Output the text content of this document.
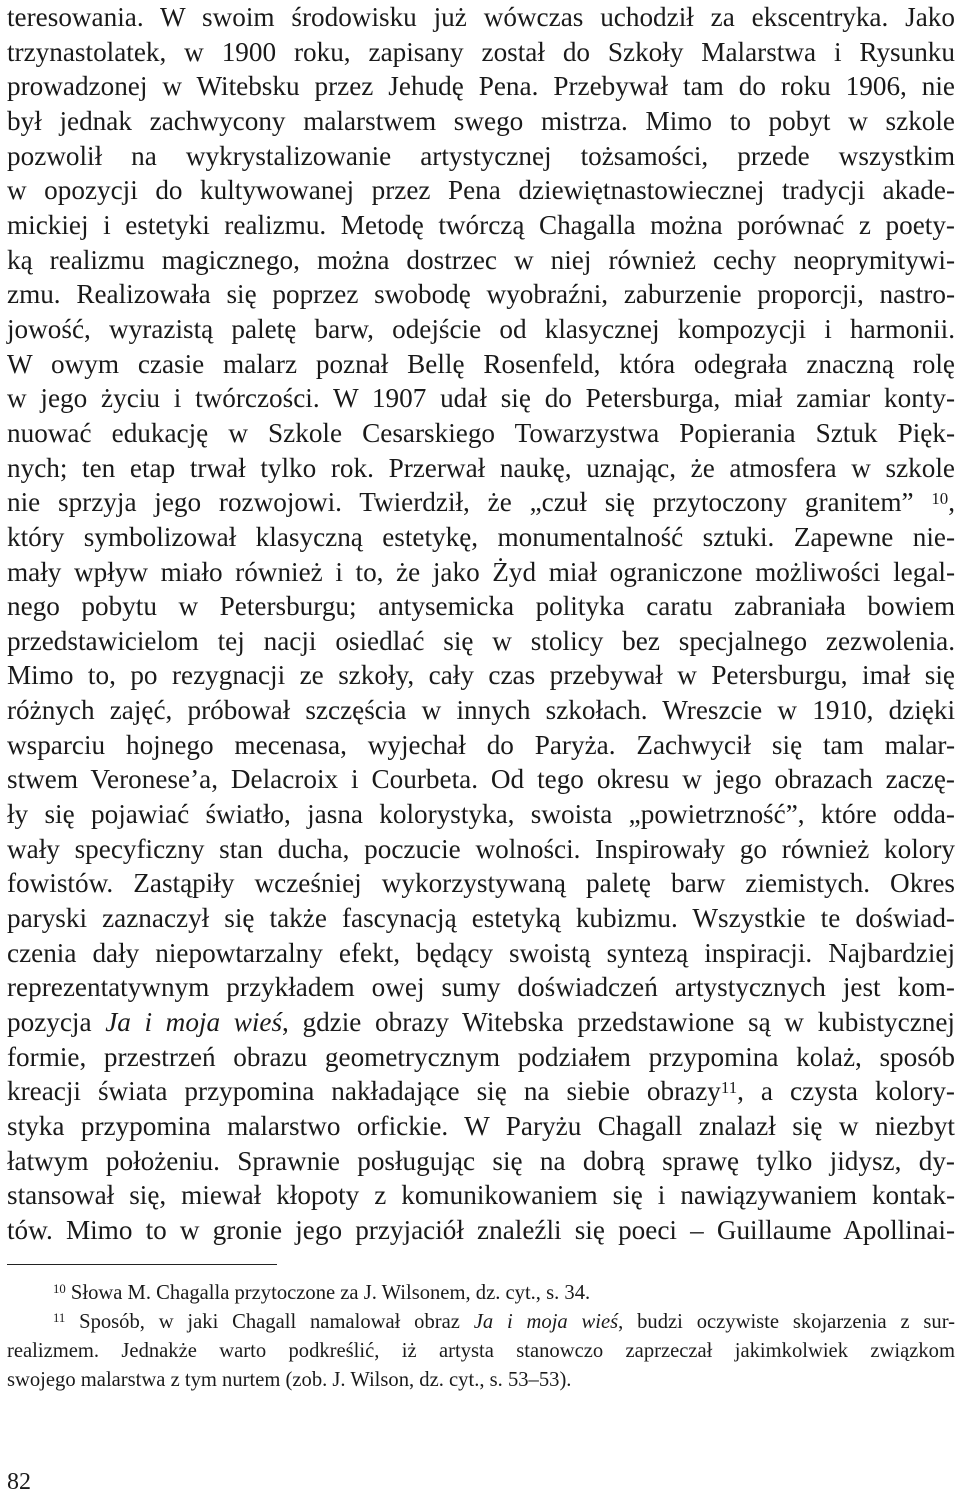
teresowania. W swoim środowisku już wówczas uchodził za ekscentryka. Jako
trzynastolatek, w 1900 roku, zapisany został do Szkoły Malarstwa i Rysunku
prowadzonej w Witebsku przez Jehudę Pena. Przebywał tam do roku 1906, nie
był jednak zachwycony malarstwem swego mistrza. Mimo to pobyt w szkole
pozwolił na wykrystalizowanie artystycznej tożsamości, przede wszystkim
w opozycji do kultywowanej przez Pena dziewiętnastowiecznej tradycji akade-
mickiej i estetyki realizmu. Metodę twórczą Chagalla można porównać z poety-
ką realizmu magicznego, można dostrzec w niej również cechy neoprymitywi-
zmu. Realizowała się poprzez swobodę wyobraźni, zaburzenie proporcji, nastro-
jowość, wyrazistą paletę barw, odejście od klasycznej kompozycji i harmonii.
W owym czasie malarz poznał Bellę Rosenfeld, która odegrała znaczną rolę
w jego życiu i twórczości. W 1907 udał się do Petersburga, miał zamiar konty-
nuować edukację w Szkole Cesarskiego Towarzystwa Popierania Sztuk Pięk-
nych; ten etap trwał tylko rok. Przerwał naukę, uznając, że atmosfera w szkole
nie sprzyja jego rozwojowi. Twierdził, że „czuł się przytoczony granitem” $^{10}$,
który symbolizował klasyczną estetykę, monumentalność sztuki. Zapewne nie-
mały wpływ miało również i to, że jako Żyd miał ograniczone możliwości legal-
nego pobytu w Petersburgu; antysemicka polityka caratu zabraniała bowiem
przedstawicielom tej nacji osiedlać się w stolicy bez specjalnego zezwolenia.
Mimo to, po rezygnacji ze szkoły, cały czas przebywał w Petersburgu, imał się
różnych zajęć, próbował szczęścia w innych szkołach. Wreszcie w 1910, dzięki
wsparciu hojnego mecenasa, wyjechał do Paryża. Zachwycił się tam malar-
stwem Veronese’a, Delacroix i Courbeta. Od tego okresu w jego obrazach zaczę-
ły się pojawiać światło, jasna kolorystyka, swoista „powietrzność”, które odda-
wały specyficzny stan ducha, poczucie wolności. Inspirowały go również kolory
fowistów. Zastąpiły wcześniej wykorzystywaną paletę barw ziemistych. Okres
paryski zaznaczył się także fascynacją estetyką kubizmu. Wszystkie te doświad-
czenia dały niepowtarzalny efekt, będący swoistą syntezą inspiracji. Najbardziej
reprezentatywnym przykładem owej sumy doświadczeń artystycznych jest kom-
pozycja Ja i moja wieś, gdzie obrazy Witebska przedstawione są w kubistycznej
formie, przestrzeń obrazu geometrycznym podziałem przypomina kolaż, sposób
kreacji świata przypomina nakładające się na siebie obrazy$^{11}$, a czysta kolory-
styka przypomina malarstwo orfickie. W Paryżu Chagall znalazł się w niezbyt
łatwym położeniu. Sprawnie posługując się na dobrą sprawę tylko jidysz, dy-
stansował się, miewał kłopoty z komunikowaniem się i nawiązywaniem kontak-
tów. Mimo to w gronie jego przyjaciół znaleźli się poeci – Guillaume Apollinai-
$^{10}$ Słowa M. Chagalla przytoczone za J. Wilsonem, dz. cyt., s. 34.
$^{11}$ Sposób, w jaki Chagall namalował obraz Ja i moja wieś, budzi oczywiste skojarzenia z sur-
realizmem. Jednakże warto podkreślić, iż artysta stanowczo zaprzeczał jakimkolwiek związkom
swojego malarstwa z tym nurtem (zob. J. Wilson, dz. cyt., s. 53–53).
82
